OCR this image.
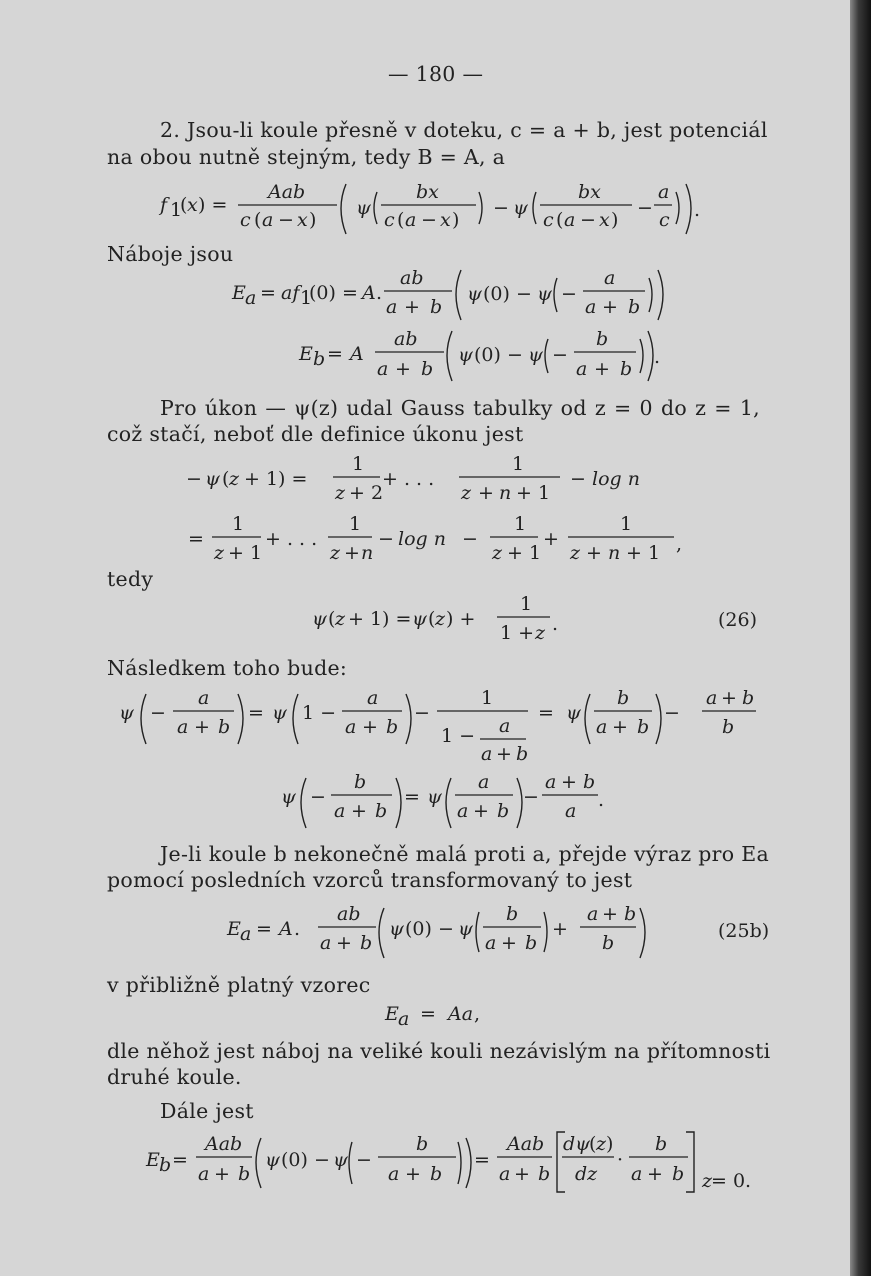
— 180 —
2. Jsou-li koule přesně v doteku, c = a + b, jest potenciál
na obou nutně stejným, tedy B = A, a
f 1
( x ) =
Aab
c ( a − x )
ψ
bx
c ( a − x )
− ψ
bx
c ( a − x )
−
a
c .
Náboje jsou
E a = af 1
(0) = A .
ab
a + b
ψ (0) − ψ −
a
a + b
E b = A
ab
a + b
ψ (0) − ψ −
b
a + b
.
Pro úkon — ψ(z) udal Gauss tabulky od z = 0 do z = 1,
což stačí, neboť dle definice úkonu jest
− ψ ( z + 1) =
1
z + 2
+ . . .
1
z + n + 1
− log n
=
1
z + 1
+ . . .
1
z + n
− log n −
1
z + 1
+
1
z + n + 1 ,
tedy
ψ ( z + 1) = ψ ( z ) +
1
1 + z .	(26)
Následkem toho bude:
ψ −
a
a + b
= ψ 1 −
a
a + b
−
1
1 − a
a + b
= ψ
b
a + b
−
a + b
b
ψ −
b
a + b
= ψ
a
a + b
−
a + b
a .
Je-li koule b nekonečně malá proti a, přejde výraz pro Ea
pomocí posledních vzorců transformovaný to jest
E a = A .
ab
a + b
ψ (0) − ψ
b
a + b
+
a + b
b
(25b)
v přibližně platný vzorec
E a = Aa ,
dle něhož jest náboj na veliké kouli nezávislým na přítomnosti
druhé koule.
Dále jest
E b =
Aab
a + b
ψ (0) − ψ −
b
a + b
=
Aab
a + b
dψ
( z )
dz
·
b
a + b z
= 0.
